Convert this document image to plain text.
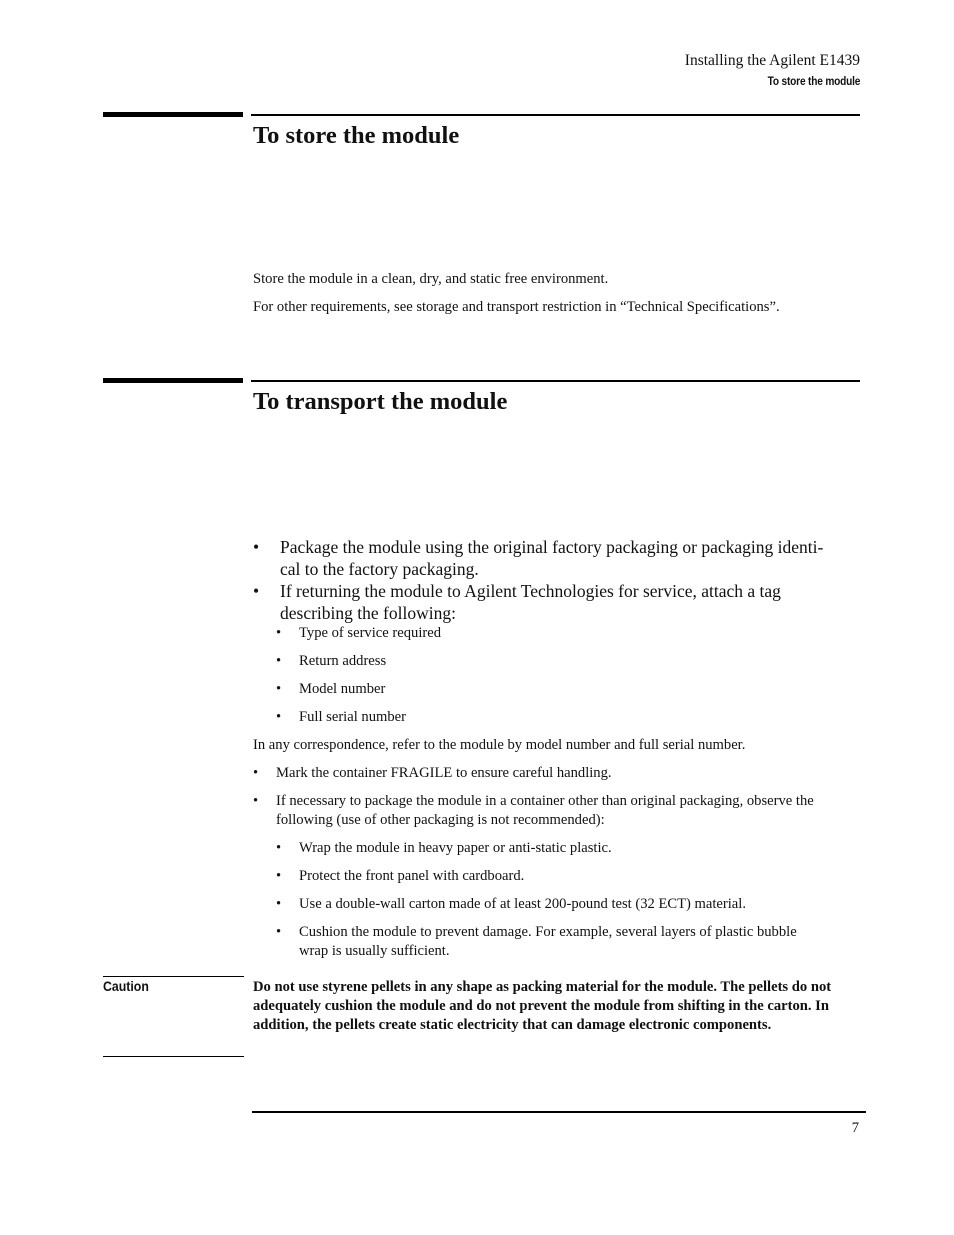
Installing the Agilent E1439
To store the module
To store the module
Store the module in a clean, dry, and static free environment.
For other requirements, see storage and transport restriction in “Technical Specifications”.
To transport the module
• Package the module using the original factory packaging or packaging identi-
cal to the factory packaging.
• If returning the module to Agilent Technologies for service, attach a tag
describing the following:
• Type of service required
• Return address
• Model number
• Full serial number
In any correspondence, refer to the module by model number and full serial number.
• Mark the container FRAGILE to ensure careful handling.
• If necessary to package the module in a container other than original packaging, observe the
following (use of other packaging is not recommended):
• Wrap the module in heavy paper or anti-static plastic.
• Protect the front panel with cardboard.
• Use a double-wall carton made of at least 200-pound test (32 ECT) material.
• Cushion the module to prevent damage. For example, several layers of plastic bubble
wrap is usually sufficient.
Caution	Do not use styrene pellets in any shape as packing material for the module. The pellets do not adequately cushion the module and do not prevent the module from shifting in the carton. In addition, the pellets create static electricity that can damage electronic components.
7
